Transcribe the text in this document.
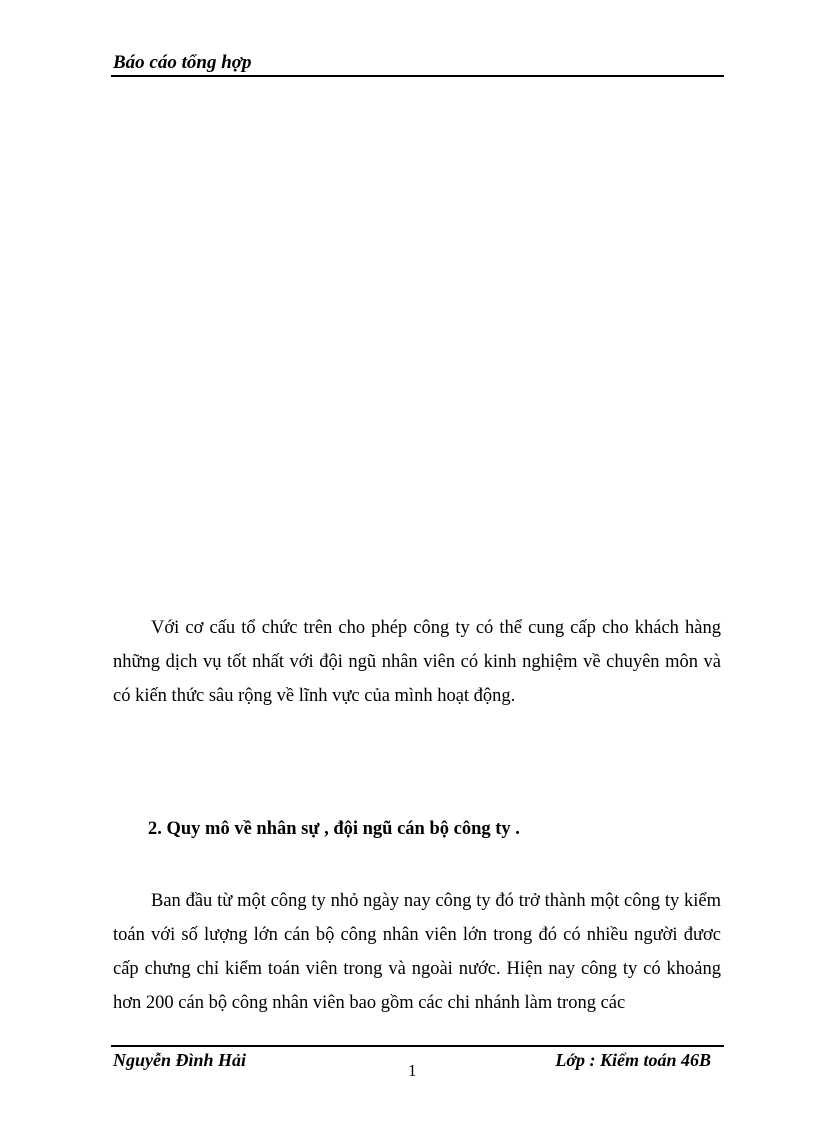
Báo cáo tổng hợp

Với cơ cấu tổ chức trên cho phép công ty có thể cung cấp cho khách hàng những dịch vụ tốt nhất với đội ngũ nhân viên có kinh nghiệm về chuyên môn và có kiến thức sâu rộng về lĩnh vực của mình hoạt động.

2. Quy mô về nhân sự , đội ngũ cán bộ công ty .

Ban đầu từ một công ty nhỏ ngày nay công ty đó trở thành một công ty kiểm toán với số lượng lớn cán bộ công nhân viên lớn trong đó có nhiều người đươc cấp chưng chỉ kiểm toán viên trong và ngoài nước. Hiện nay công ty có khoảng hơn 200 cán bộ công nhân viên bao gồm các chi nhánh làm trong các

Nguyễn Đình Hải
1
Lớp : Kiểm toán 46B
